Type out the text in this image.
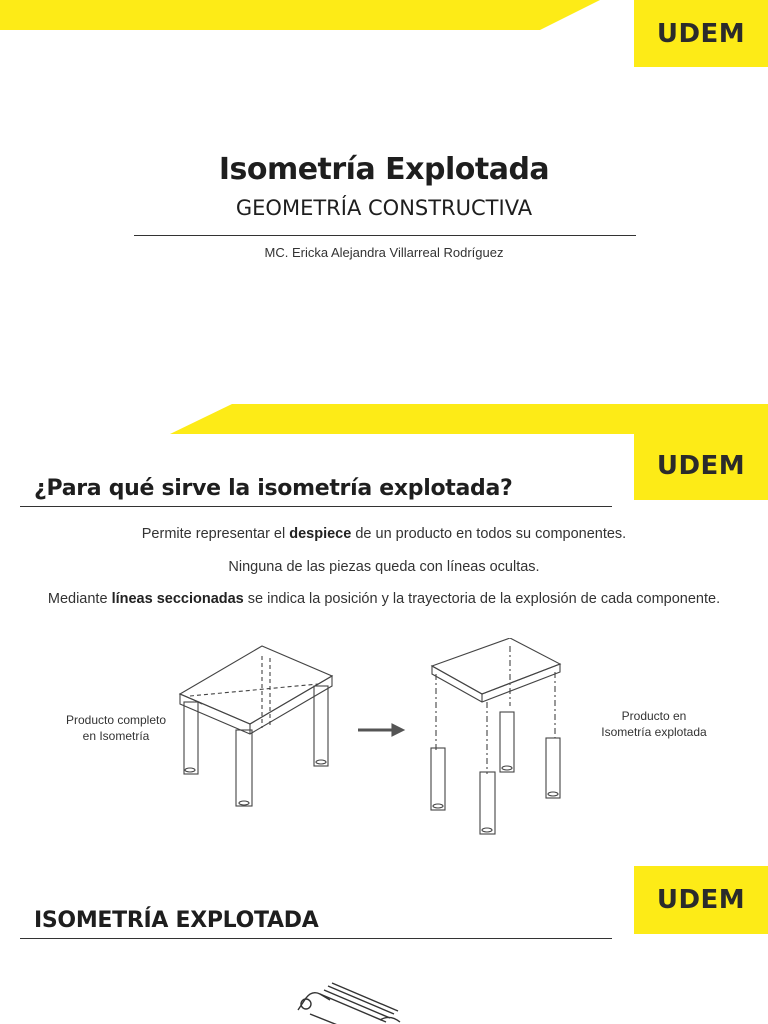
UDEM
Isometría Explotada
GEOMETRÍA CONSTRUCTIVA
MC. Ericka Alejandra Villarreal Rodríguez
UDEM
¿Para qué sirve la isometría explotada?
Permite representar el despiece de un producto en todos su componentes.
Ninguna de las piezas queda con líneas ocultas.
Mediante líneas seccionadas se indica la posición y la trayectoria de la explosión de cada componente.
Producto completo
en Isometría
Producto en
Isometría explotada
UDEM
ISOMETRÍA EXPLOTADA
